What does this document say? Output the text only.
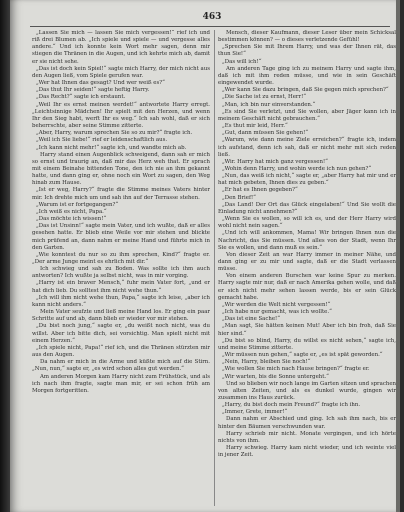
463

„Lassen Sie mich — lassen Sie mich vergessen!“ rief ich und riß drei Blumen ab. „Ich spiele und spiele — und vergesse alles andere.“ Und ich konnte kein Wort mehr sagen, denn mir stiegen die Thränen in die Augen, und ich kehrte mich ab, damit er sie nicht sehe.

„Das ist doch kein Spiel!“ sagte mich Harry, der mich nicht aus den Augen ließ, vom Spiele gerufen war.

„Wer hat Ihnen das gesagt? Und wer weiß es?“

„Das thut Ihr seiden!“ sagte heftig Harry.

„Das Recht?“ sagte ich erstaunt.

„Weil Ihr es ernst meinen werdet!“ antwortete Harry erregt. „Leichtsinnige Mädchen! Ihr spielt mit den Herzen, und wenn Ihr den Sieg habt, werft Ihr es weg.“ Ich sah wohl, daß er sich beherrschte, aber seine Stimme zitterte.

„Aber, Harry, warum sprechen Sie so zu mir?“ fragte ich.

„Weil ich Sie liebe!“ rief er leidenschaftlich aus.

„Ich kann nicht mehr!“ sagte ich, und wandte mich ab.

Harry stand einen Augenblick schweigend, dann sah er mich so ernst und traurig an, daß mir das Herz weh that. Er sprach mit einem Beinahe bittenden Tone, den ich nie an ihm gekannt hatte, und dann ging er, ohne noch ein Wort zu sagen, den Weg hinab zum Hause.

„Ist er weg, Harry?“ fragte die Stimme meines Vaters hinter mir. Ich drehte mich um und sah ihn auf der Terrasse stehen.

„Warum ist er fortgegangen?“

„Ich weiß es nicht, Papa.“

„Das möchte ich wissen!“

„Das ist Unsinn!“ sagte mein Vater, und ich wußte, daß er alles gesehen hatte. Er blieb eine Weile vor mir stehen und blickte mich prüfend an, dann nahm er meine Hand und führte mich in den Garten.

„Wie konntest du nur so zu ihm sprechen, Kind?“ fragte er. „Der arme Junge meint es ehrlich mit dir.“

Ich schwieg und sah zu Boden. Was sollte ich ihm auch antworten? Ich wußte ja selbst nicht, was in mir vorging.

„Harry ist ein braver Mensch,“ fuhr mein Vater fort, „und er hat dich lieb. Du solltest ihm nicht wehe thun.“

„Ich will ihm nicht wehe thun, Papa,“ sagte ich leise, „aber ich kann nicht anders.“

Mein Vater seufzte und ließ meine Hand los. Er ging ein paar Schritte auf und ab, dann blieb er wieder vor mir stehen.

„Du bist noch jung,“ sagte er, „du weißt noch nicht, was du willst. Aber ich bitte dich, sei vorsichtig. Man spielt nicht mit einem Herzen.“

„Ich spiele nicht, Papa!“ rief ich, und die Thränen stürzten mir aus den Augen.

Da nahm er mich in die Arme und küßte mich auf die Stirn. „Nun, nun,“ sagte er, „es wird schon alles gut werden.“

Am anderen Morgen kam Harry nicht zum Frühstück, und als ich nach ihm fragte, sagte man mir, er sei schon früh am Morgen fortgeritten.

Mensch, dieser Kaufmann, dieser Leser über mein Schicksal bestimmen können? — o dieses verletzende Gefühl!

„Sprechen Sie mit Ihrem Harry, und was der Ihnen rät, das thun Sie!“

„Das will ich!“

Am anderen Tage ging ich zu meinem Harry und sagte ihm, daß ich mit ihm reden müsse, und wie in sein Geschäft eingewendet wurde.

„Wer kann Sie dazu bringen, daß Sie gegen mich sprechen?“

„Die Sache ist zu ernst, Herr!“

„Man, ich bin nur einverstanden.“

„Es sind Sie verletzt, und Sie wollen, aber Jäger kann ich in meinem Geschäft nicht gebrauchen.“

„Es thut mir leid, Herr.“

„Gut, dann müssen Sie gehen!“

„Warum, wie dann meine Ziele erreichen?“ fragte ich, indem ich aufstand, denn ich sah, daß er nicht mehr mit sich reden ließ.

„Wir. Harry hat mich ganz vergessen!“

„Wohin denn Harry, und wohin werde ich nun gehen?“

„Nun, das weiß ich nicht,“ sagte er, „aber Harry hat mir und er hat mich gebeten, Ihnen dies zu geben.“

„Er hat es Ihnen gegeben?“

„Den Brief!“

„Das Land! Der Ort das Glück eingelaben!“ Und Sie wollt die Einladung nicht annehmen?“

„Wenn Sie es wollen, so will ich es, und der Herr Harry wird wohl nicht nein sagen.“

„Und ich will ankommen, Mama! Wir bringen Ihnen nun die Nachricht, das Sie müssen. Und alles von der Stadt, wenn Ihr Sie es wollen, und dann muß es sein.“

Von dieser Zeit an war Harry immer in meiner Nähe, und dann ging er zu mir und sagte, daß er die Stadt verlassen müsse.

Von einem anderen Burschen war keine Spur zu merken. Harry sagte mir nur, daß er nach Amerika gehen wolle, und daß er sich nicht mehr sehen lassen werde, bis er sein Glück gemacht habe.

„Wir werden die Welt nicht vergessen!“

„Ich habe nur gemacht, was ich wollte.“

„Das ist eine Sache!“

„Man sagt, Sie hätten keinen Mut! Aber ich bin froh, daß Sie hier sind.“

„Du bist so blind, Harry, du willst es nicht sehen,“ sagte ich, und meine Stimme zitterte.

„Wir müssen nun gehen,“ sagte er, „es ist spät geworden.“

„Nein, Harry, bleiben Sie noch!“

„Wie wollen Sie mich nach Hause bringen?“ fragte er.

„Wir warten, bis die Sonne untergeht.“

Und so blieben wir noch lange im Garten sitzen und sprachen von alten Zeiten, und als es dunkel wurde, gingen wir zusammen ins Haus zurück.

„Harry, du bist doch mein Freund?“ fragte ich ihn.

„Immer, Grete, immer!“

Dann nahm er Abschied und ging. Ich sah ihm nach, bis er hinter den Bäumen verschwunden war.

Harry schrieb mir nicht. Monate vergingen, und ich hörte nichts von ihm.

Harry schwieg. Harry kam nicht wieder, und ich weinte viel in jener Zeit.
